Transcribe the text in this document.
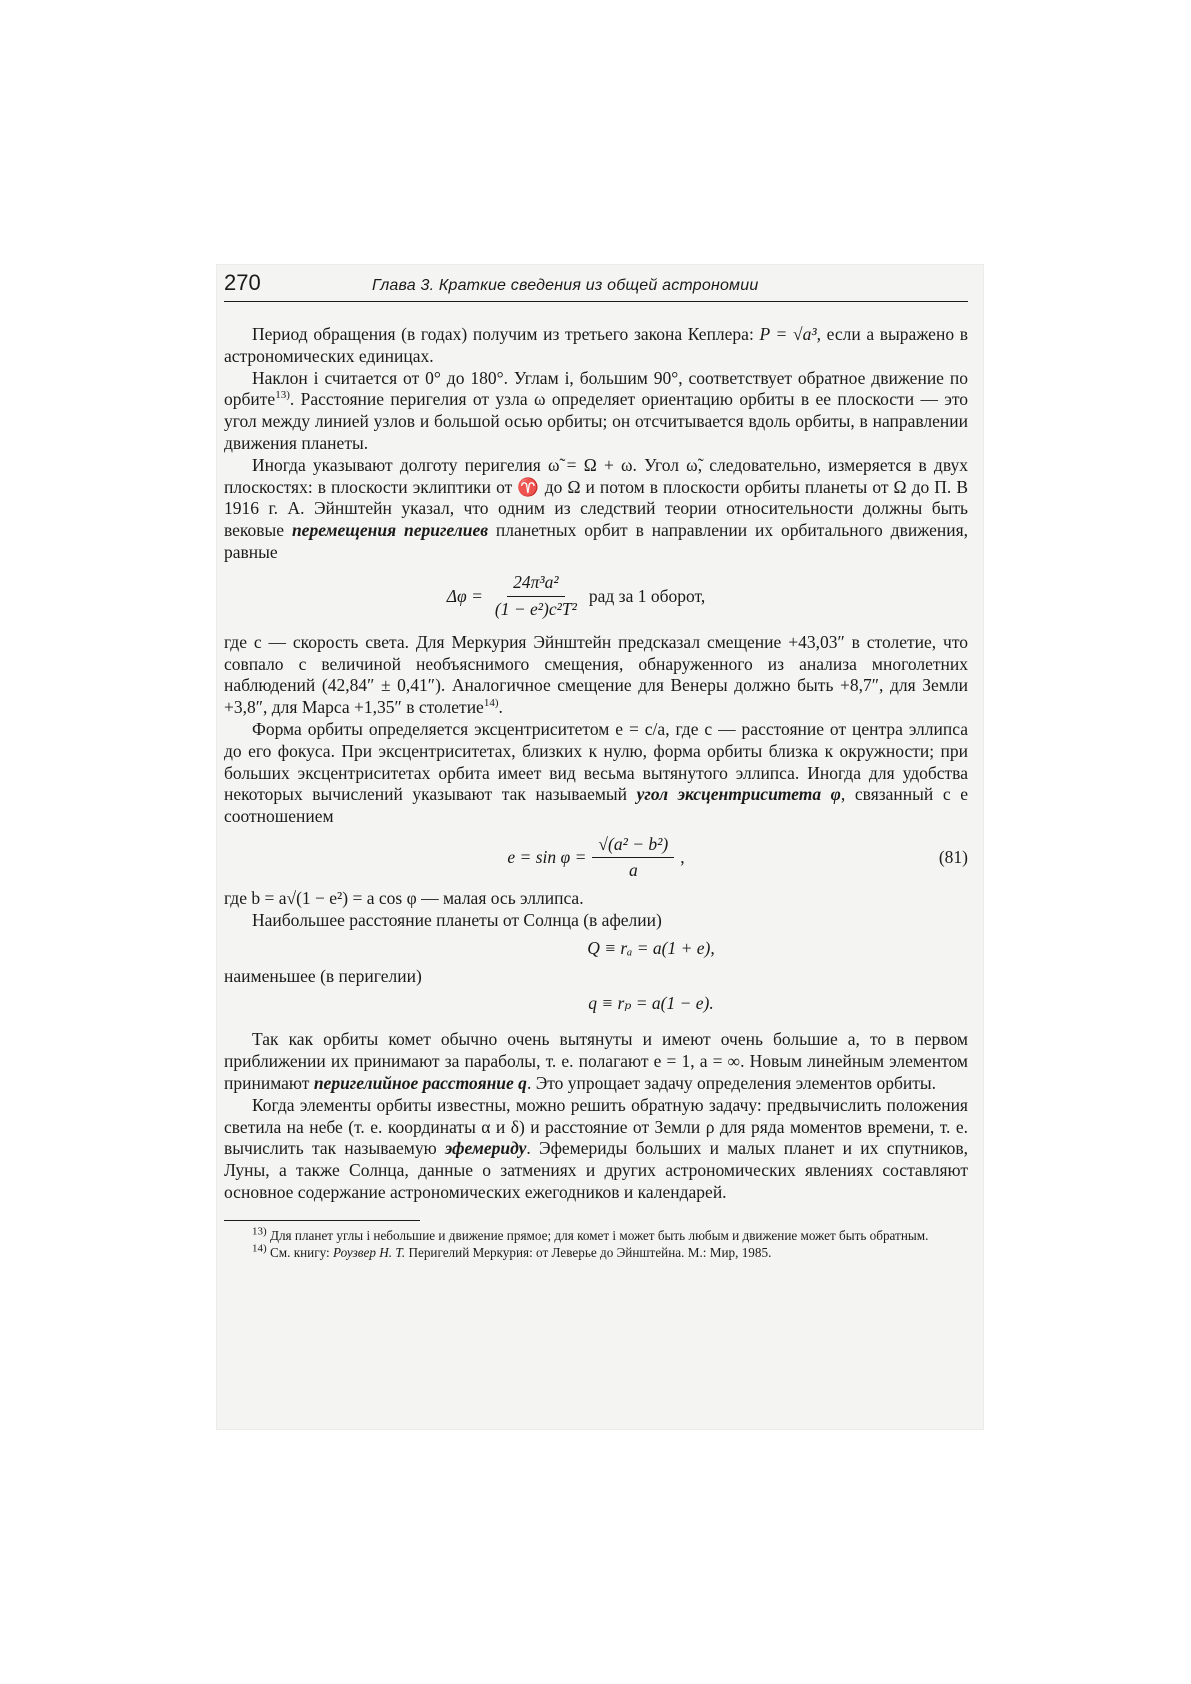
270	Глава 3. Краткие сведения из общей астрономии

Период обращения (в годах) получим из третьего закона Кеплера: P = √a³, если a выражено в астрономических единицах.

Наклон i считается от 0° до 180°. Углам i, большим 90°, соответствует обратное движение по орбите$^{13)}$. Расстояние перигелия от узла ω определяет ориентацию орбиты в ее плоскости — это угол между линией узлов и большой осью орбиты; он отсчитывается вдоль орбиты, в направлении движения планеты.

Иногда указывают долготу перигелия ω̃ = Ω + ω. Угол ω̃, следовательно, измеряется в двух плоскостях: в плоскости эклиптики от ♈ до Ω и потом в плоскости орбиты планеты от Ω до Π. В 1916 г. А. Эйнштейн указал, что одним из следствий теории относительности должны быть вековые перемещения перигелиев планетных орбит в направлении их орбитального движения, равные

$\Delta\varphi = \frac{\text{24π³a²}}{\text{(1 − e²)c²T²}}$ рад за 1 оборот,

где c — скорость света. Для Меркурия Эйнштейн предсказал смещение +43,03″ в столетие, что совпало с величиной необъяснимого смещения, обнаруженного из анализа многолетних наблюдений (42,84″ ± 0,41″). Аналогичное смещение для Венеры должно быть +8,7″, для Земли +3,8″, для Марса +1,35″ в столетие$^{14)}$.

Форма орбиты определяется эксцентриситетом e = c/a, где c — расстояние от центра эллипса до его фокуса. При эксцентриситетах, близких к нулю, форма орбиты близка к окружности; при больших эксцентриситетах орбита имеет вид весьма вытянутого эллипса. Иногда для удобства некоторых вычислений указывают так называемый угол эксцентриситета φ, связанный с e соотношением

$e = \sin \varphi = \frac{\text{√(a² − b²)}}{a}$ ,	(81)

где b = a√(1 − e²) = a cos φ — малая ось эллипса.

Наибольшее расстояние планеты от Солнца (в афелии)

Q ≡ rₐ = a(1 + e),

наименьшее (в перигелии)

q ≡ rₚ = a(1 − e).

Так как орбиты комет обычно очень вытянуты и имеют очень большие a, то в первом приближении их принимают за параболы, т. е. полагают e = 1, a = ∞. Новым линейным элементом принимают перигелийное расстояние q. Это упрощает задачу определения элементов орбиты.

Когда элементы орбиты известны, можно решить обратную задачу: предвычислить положения светила на небе (т. е. координаты α и δ) и расстояние от Земли ρ для ряда моментов времени, т. е. вычислить так называемую эфемериду. Эфемериды больших и малых планет и их спутников, Луны, а также Солнца, данные о затмениях и других астрономических явлениях составляют основное содержание астрономических ежегодников и календарей.

$^{13)}$ Для планет углы i небольшие и движение прямое; для комет i может быть любым и движение может быть обратным.

$^{14)}$ См. книгу: Роузвер Н. Т. Перигелий Меркурия: от Леверье до Эйнштейна. М.: Мир, 1985.
